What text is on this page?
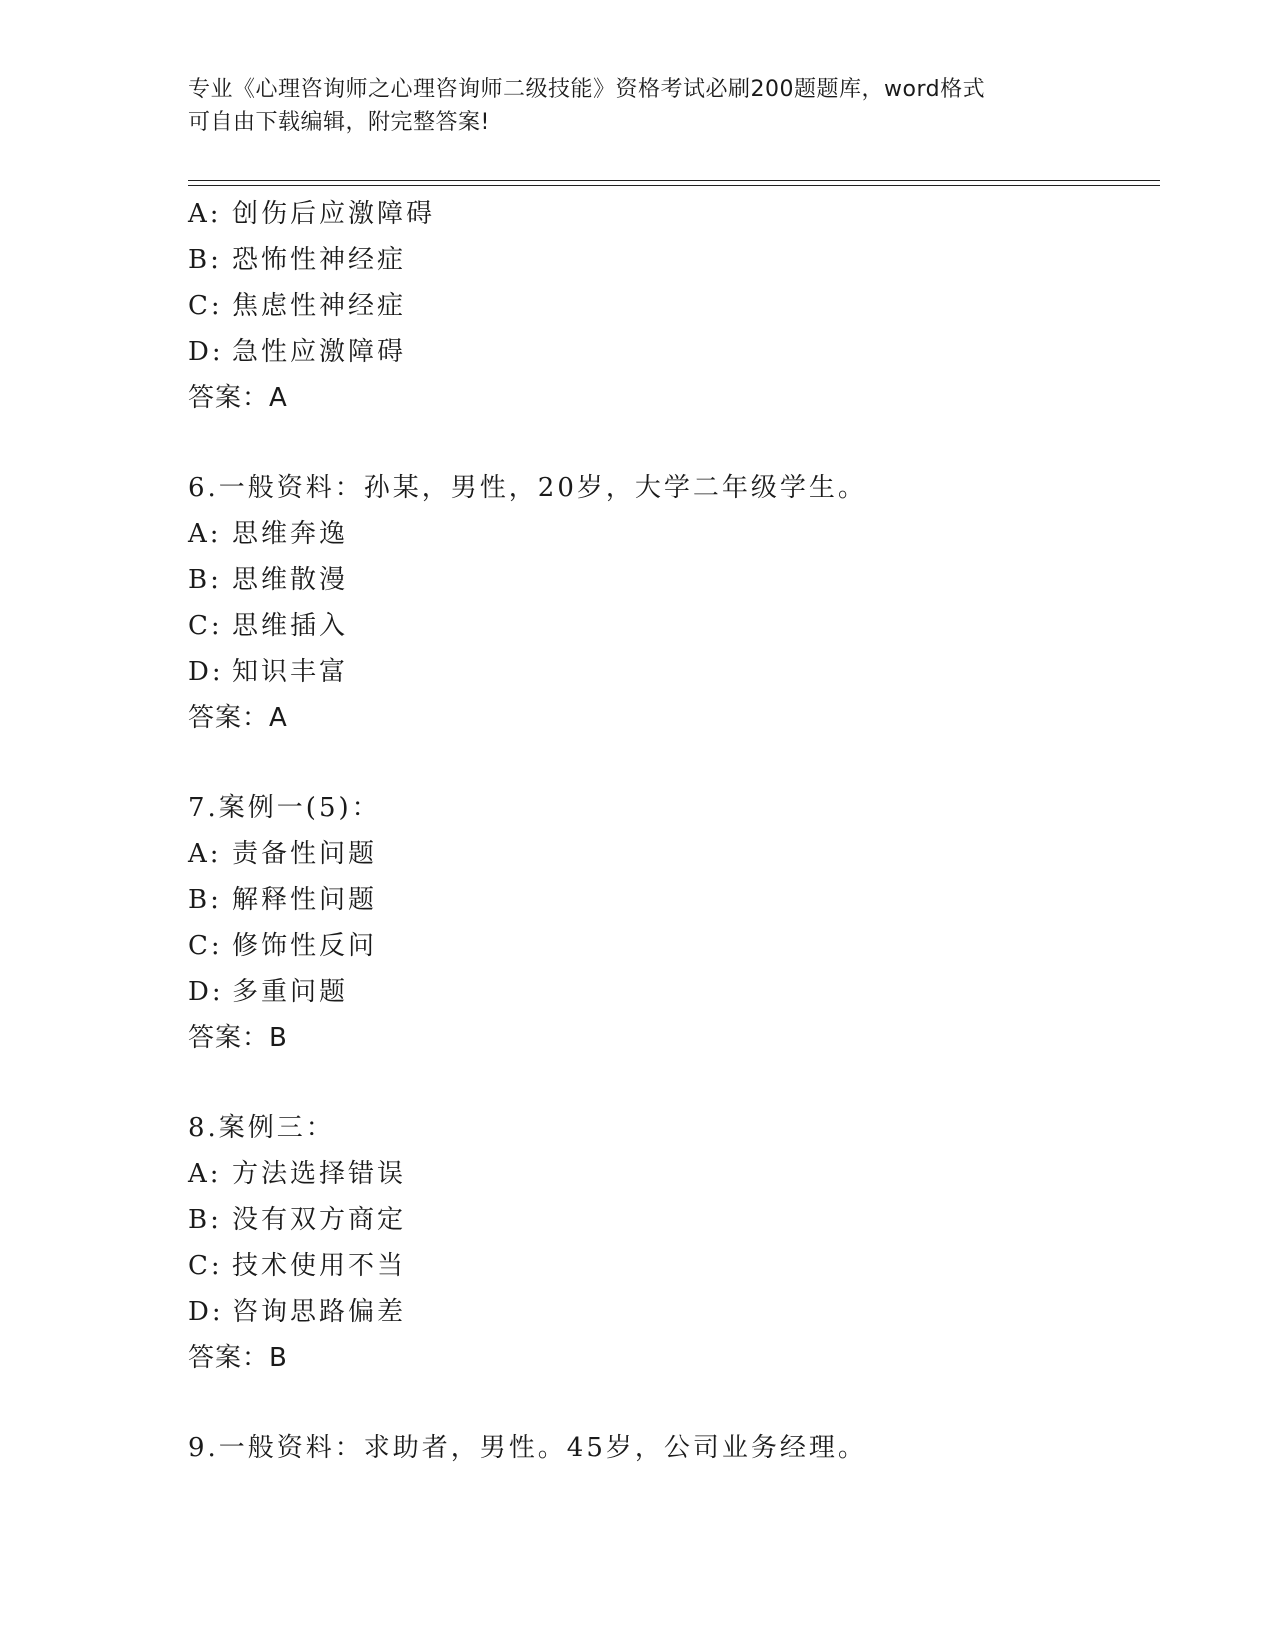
专业《心理咨询师之心理咨询师二级技能》资格考试必刷200题题库，word格式
可自由下载编辑，附完整答案!
A: 创伤后应激障碍
B: 恐怖性神经症
C: 焦虑性神经症
D: 急性应激障碍
答案：A
6.一般资料：孙某，男性，20岁，大学二年级学生。
A: 思维奔逸
B: 思维散漫
C: 思维插入
D: 知识丰富
答案：A
7.案例一(5)：
A: 责备性问题
B: 解释性问题
C: 修饰性反问
D: 多重问题
答案：B
8.案例三：
A: 方法选择错误
B: 没有双方商定
C: 技术使用不当
D: 咨询思路偏差
答案：B
9.一般资料：求助者，男性。45岁，公司业务经理。
